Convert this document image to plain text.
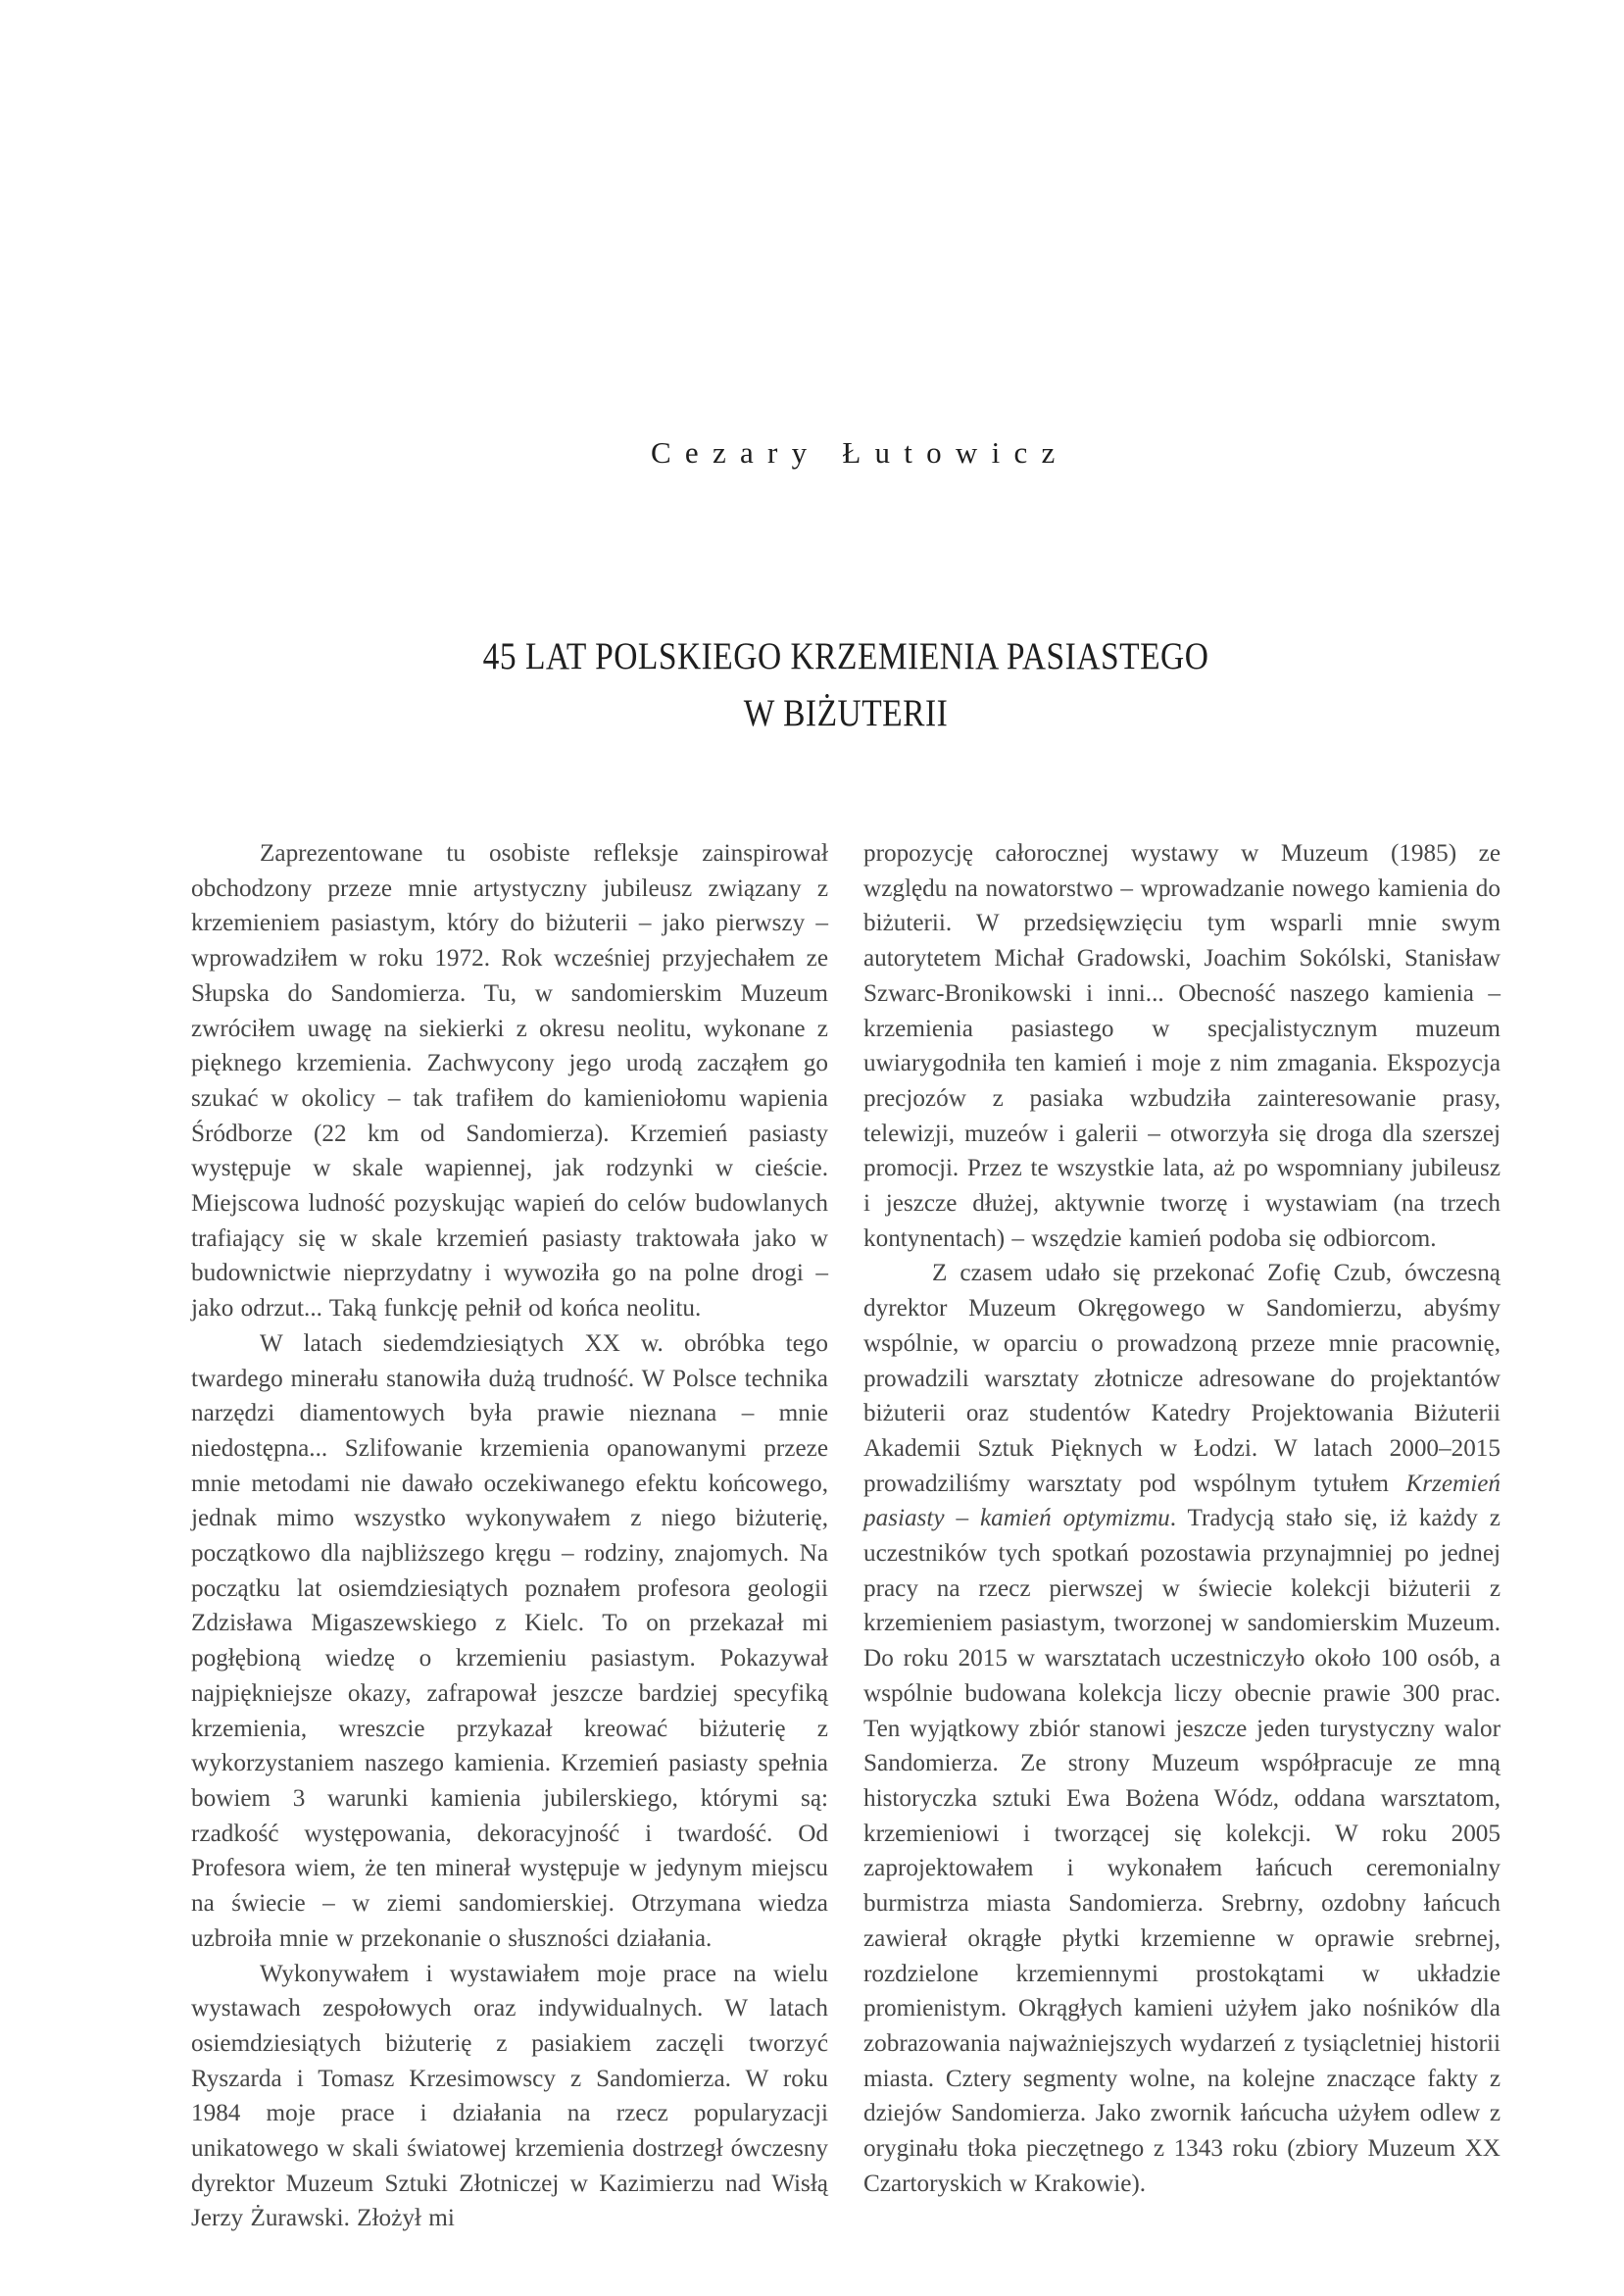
Cezary Łutowicz
45 LAT POLSKIEGO KRZEMIENIA PASIASTEGO
W BIŻUTERII

Zaprezentowane tu osobiste refleksje zainspirował obchodzony przeze mnie artystyczny jubileusz związany z krzemieniem pasiastym, który do biżuterii – jako pierwszy – wprowadziłem w roku 1972. Rok wcześniej przyjechałem ze Słupska do Sandomierza. Tu, w sandomierskim Muzeum zwróciłem uwagę na siekierki z okresu neolitu, wykonane z pięknego krzemienia. Zachwycony jego urodą zacząłem go szukać w okolicy – tak trafiłem do kamieniołomu wapienia Śródborze (22 km od Sandomierza). Krzemień pasiasty występuje w skale wapiennej, jak rodzynki w cieście. Miejscowa ludność pozyskując wapień do celów budowlanych trafiający się w skale krzemień pasiasty traktowała jako w budownictwie nieprzydatny i wywoziła go na polne drogi – jako odrzut... Taką funkcję pełnił od końca neolitu.

W latach siedemdziesiątych XX w. obróbka tego twardego minerału stanowiła dużą trudność. W Polsce technika narzędzi diamentowych była prawie nieznana – mnie niedostępna... Szlifowanie krzemienia opanowanymi przeze mnie metodami nie dawało oczekiwanego efektu końcowego, jednak mimo wszystko wykonywałem z niego biżuterię, początkowo dla najbliższego kręgu – rodziny, znajomych. Na początku lat osiemdziesiątych poznałem profesora geologii Zdzisława Migaszewskiego z Kielc. To on przekazał mi pogłębioną wiedzę o krzemieniu pasiastym. Pokazywał najpiękniejsze okazy, zafrapował jeszcze bardziej specyfiką krzemienia, wreszcie przykazał kreować biżuterię z wykorzystaniem naszego kamienia. Krzemień pasiasty spełnia bowiem 3 warunki kamienia jubilerskiego, którymi są: rzadkość występowania, dekoracyjność i twardość. Od Profesora wiem, że ten minerał występuje w jedynym miejscu na świecie – w ziemi sandomierskiej. Otrzymana wiedza uzbroiła mnie w przekonanie o słuszności działania.

Wykonywałem i wystawiałem moje prace na wielu wystawach zespołowych oraz indywidualnych. W latach osiemdziesiątych biżuterię z pasiakiem zaczęli tworzyć Ryszarda i Tomasz Krzesimowscy z Sandomierza. W roku 1984 moje prace i działania na rzecz popularyzacji unikatowego w skali światowej krzemienia dostrzegł ówczesny dyrektor Muzeum Sztuki Złotniczej w Kazimierzu nad Wisłą Jerzy Żurawski. Złożył mi

propozycję całorocznej wystawy w Muzeum (1985) ze względu na nowatorstwo – wprowadzanie nowego kamienia do biżuterii. W przedsięwzięciu tym wsparli mnie swym autorytetem Michał Gradowski, Joachim Sokólski, Stanisław Szwarc-Bronikowski i inni... Obecność naszego kamienia – krzemienia pasiastego w specjalistycznym muzeum uwiarygodniła ten kamień i moje z nim zmagania. Ekspozycja precjozów z pasiaka wzbudziła zainteresowanie prasy, telewizji, muzeów i galerii – otworzyła się droga dla szerszej promocji. Przez te wszystkie lata, aż po wspomniany jubileusz i jeszcze dłużej, aktywnie tworzę i wystawiam (na trzech kontynentach) – wszędzie kamień podoba się odbiorcom.

Z czasem udało się przekonać Zofię Czub, ówczesną dyrektor Muzeum Okręgowego w Sandomierzu, abyśmy wspólnie, w oparciu o prowadzoną przeze mnie pracownię, prowadzili warsztaty złotnicze adresowane do projektantów biżuterii oraz studentów Katedry Projektowania Biżuterii Akademii Sztuk Pięknych w Łodzi. W latach 2000–2015 prowadziliśmy warsztaty pod wspólnym tytułem Krzemień pasiasty – kamień optymizmu. Tradycją stało się, iż każdy z uczestników tych spotkań pozostawia przynajmniej po jednej pracy na rzecz pierwszej w świecie kolekcji biżuterii z krzemieniem pasiastym, tworzonej w sandomierskim Muzeum. Do roku 2015 w warsztatach uczestniczyło około 100 osób, a wspólnie budowana kolekcja liczy obecnie prawie 300 prac. Ten wyjątkowy zbiór stanowi jeszcze jeden turystyczny walor Sandomierza. Ze strony Muzeum współpracuje ze mną historyczka sztuki Ewa Bożena Wódz, oddana warsztatom, krzemieniowi i tworzącej się kolekcji. W roku 2005 zaprojektowałem i wykonałem łańcuch ceremonialny burmistrza miasta Sandomierza. Srebrny, ozdobny łańcuch zawierał okrągłe płytki krzemienne w oprawie srebrnej, rozdzielone krzemiennymi prostokątami w układzie promienistym. Okrągłych kamieni użyłem jako nośników dla zobrazowania najważniejszych wydarzeń z tysiącletniej historii miasta. Cztery segmenty wolne, na kolejne znaczące fakty z dziejów Sandomierza. Jako zwornik łańcucha użyłem odlew z oryginału tłoka pieczętnego z 1343 roku (zbiory Muzeum XX Czartoryskich w Krakowie).
